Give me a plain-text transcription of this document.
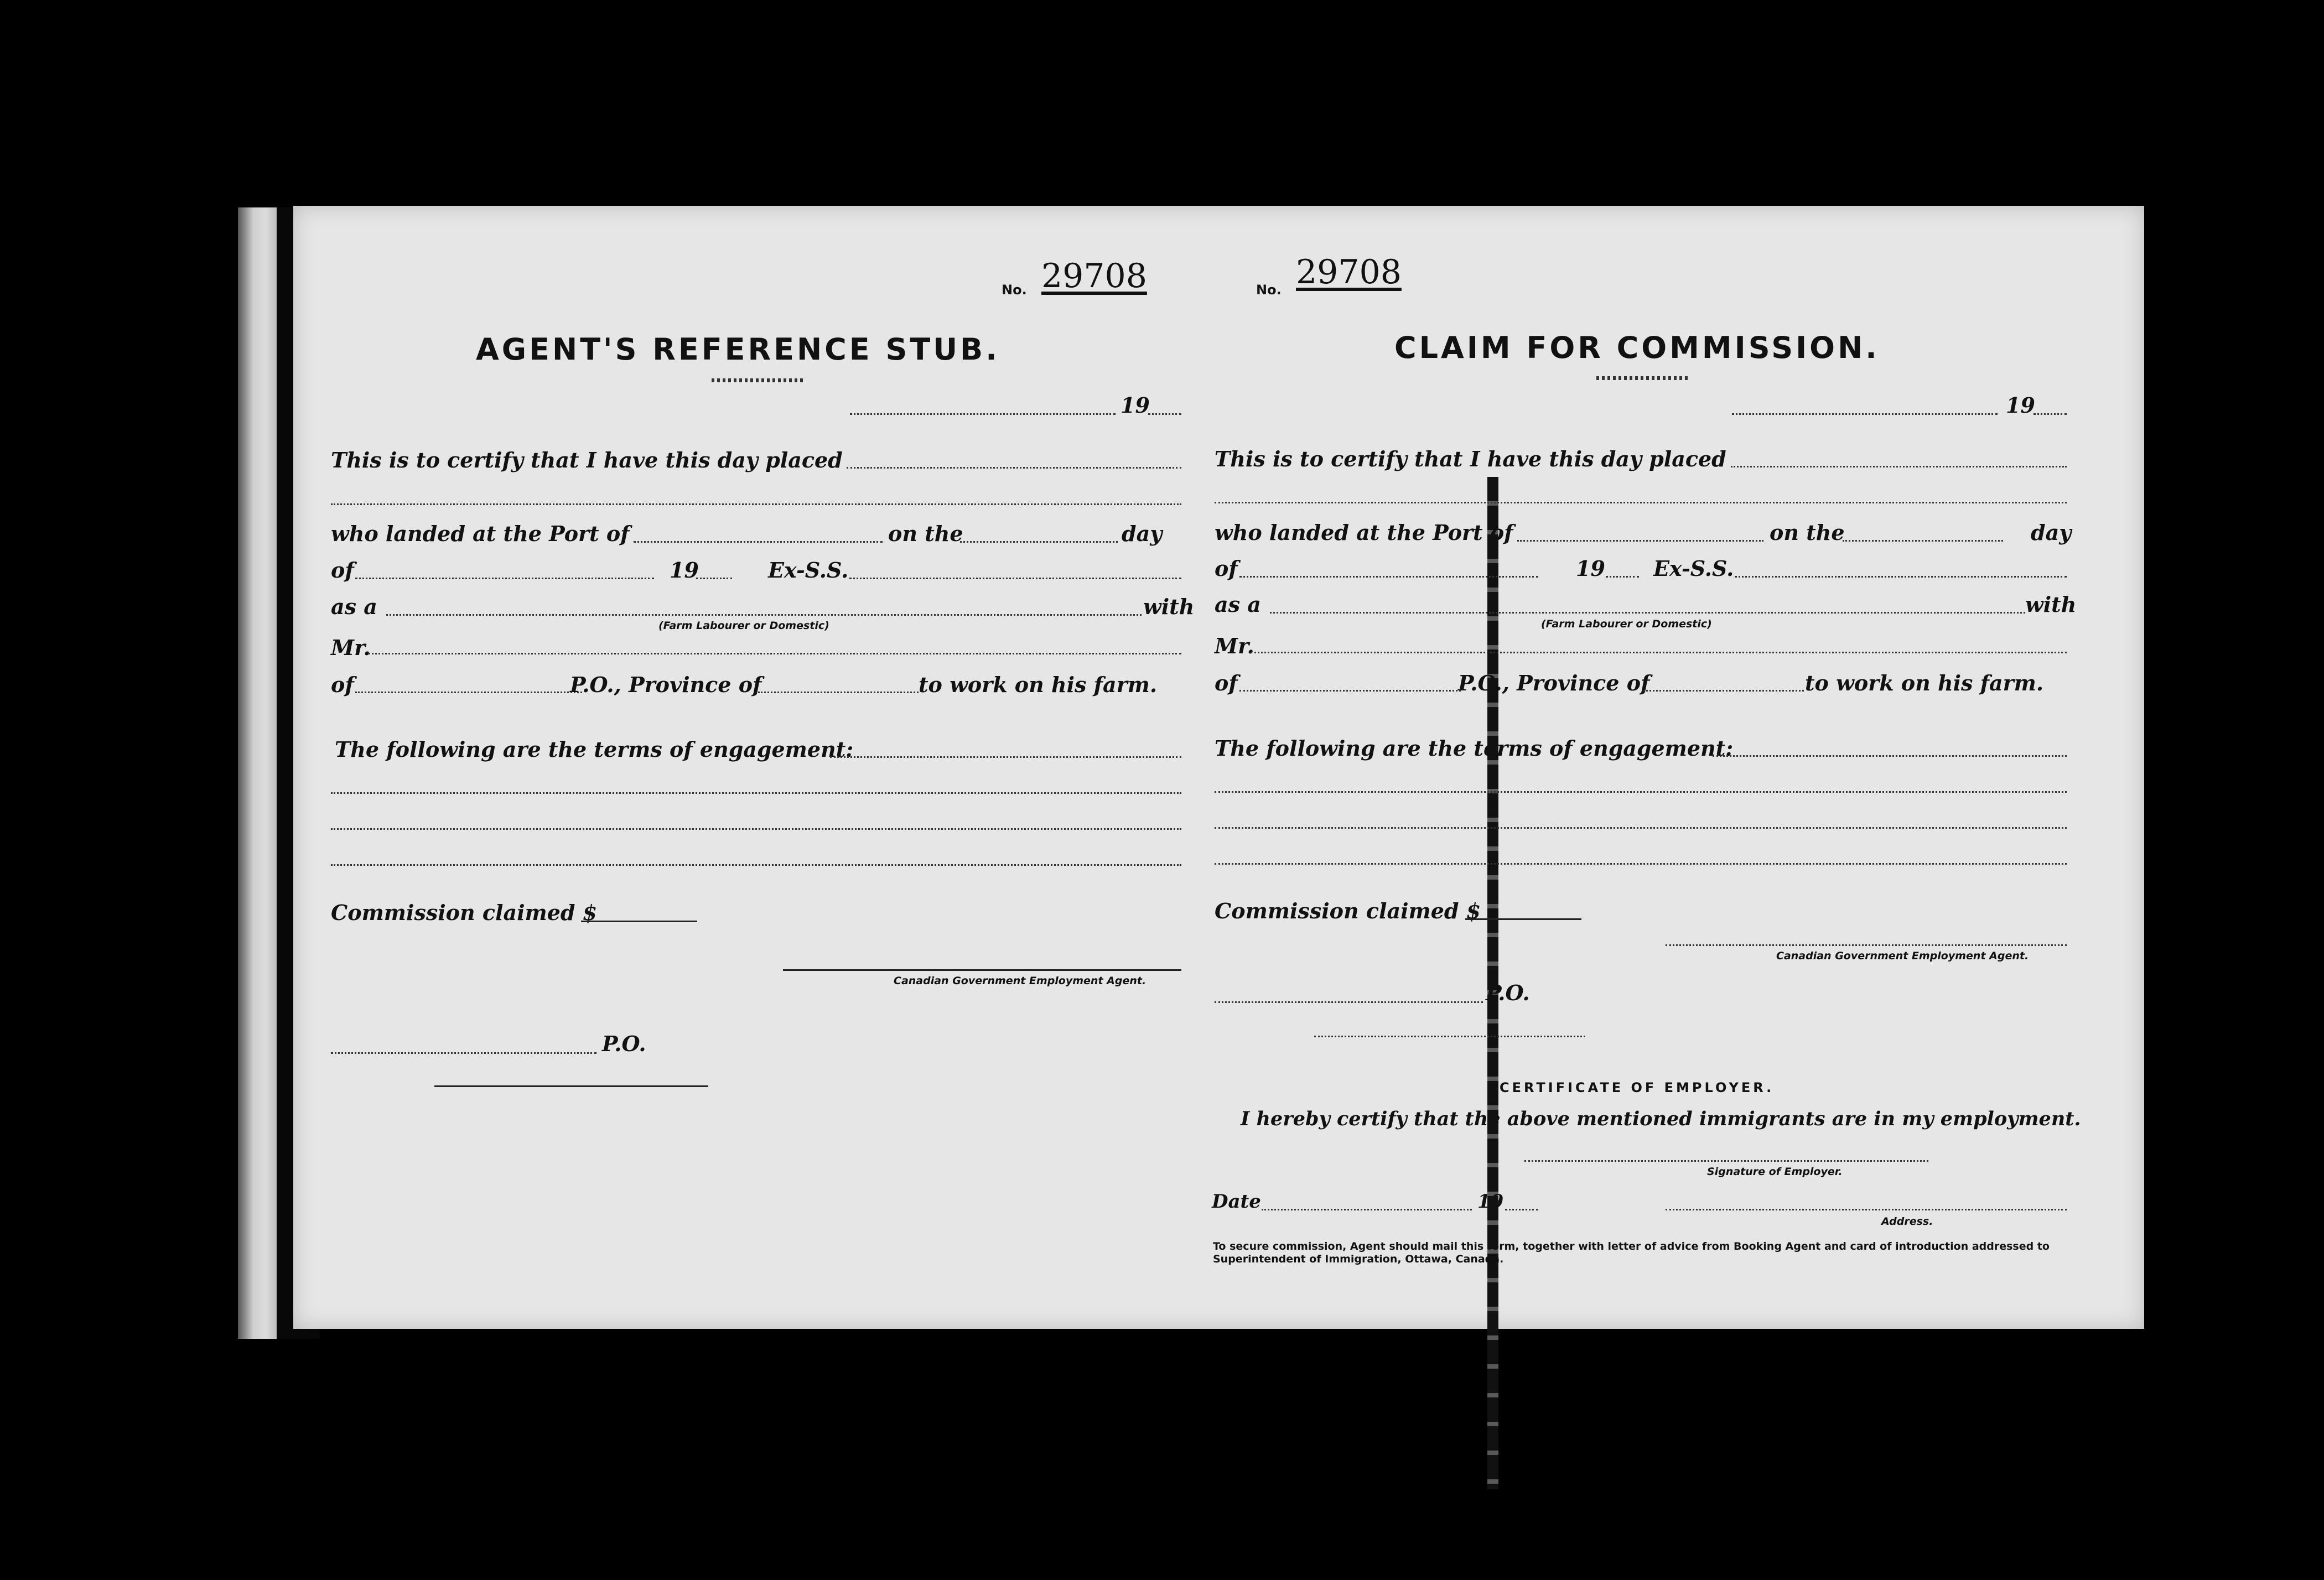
No. 29708
AGENT'S REFERENCE STUB.
19
This is to certify that I have this day placed
who landed at the Port of	on the	day
of	19	Ex-S.S.
as a	with
(Farm Labourer or Domestic)
Mr.
of	P.O., Province of	to work on his farm.
The following are the terms of engagement:
Commission claimed $
Canadian Government Employment Agent.
P.O.
No. 29708
CLAIM FOR COMMISSION.
19
This is to certify that I have this day placed
who landed at the Port of	on the	day
of	19 Ex-S.S.
as a	with
(Farm Labourer or Domestic)
Mr.
of	P.O., Province of	to work on his farm.
The following are the terms of engagement:
Commission claimed $
Canadian Government Employment Agent.
P.O.
CERTIFICATE OF EMPLOYER.
I hereby certify that the above mentioned immigrants are in my employment.
Signature of Employer.
Date	19
Address.
To secure commission, Agent should mail this form, together with letter of advice from Booking Agent and card of introduction addressed to Superintendent of Immigration, Ottawa, Canada.
